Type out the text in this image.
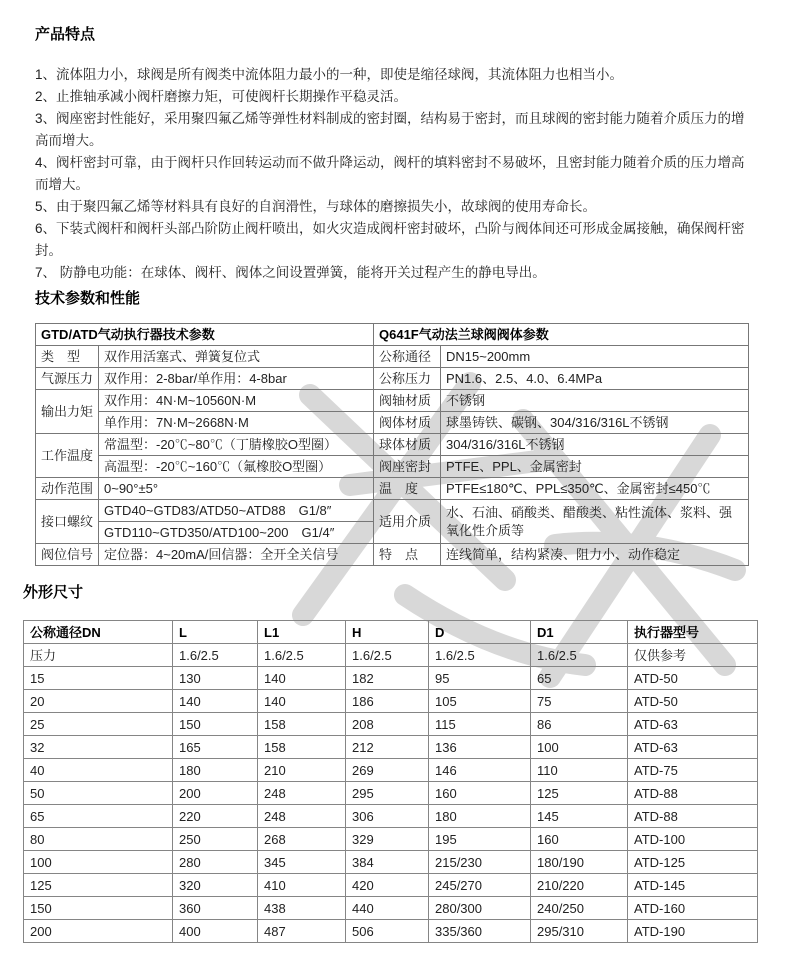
产品特点

1、流体阻力小，球阀是所有阀类中流体阻力最小的一种，即使是缩径球阀，其流体阻力也相当小。

2、止推轴承减小阀杆磨擦力矩，可使阀杆长期操作平稳灵活。

3、阀座密封性能好，采用聚四氟乙烯等弹性材料制成的密封圈，结构易于密封，而且球阀的密封能力随着介质压力的增高而增大。

4、阀杆密封可靠，由于阀杆只作回转运动而不做升降运动，阀杆的填料密封不易破坏，且密封能力随着介质的压力增高而增大。

5、由于聚四氟乙烯等材料具有良好的自润滑性，与球体的磨擦损失小，故球阀的使用寿命长。

6、下装式阀杆和阀杆头部凸阶防止阀杆喷出，如火灾造成阀杆密封破坏，凸阶与阀体间还可形成金属接触，确保阀杆密封。

7、 防静电功能：在球体、阀杆、阀体之间设置弹簧，能将开关过程产生的静电导出。

技术参数和性能
GTD/ATD气动执行器技术参数		Q641F气动法兰球阀阀体参数	
类　型	双作用活塞式、弹簧复位式	公称通径	DN15~200mm
气源压力	双作用：2-8bar/单作用：4-8bar	公称压力	PN1.6、2.5、4.0、6.4MPa
输出力矩	双作用：4N·M~10560N·M	阀轴材质	不锈钢
	单作用：7N·M~2668N·M	阀体材质	球墨铸铁、碳钢、304/316/316L不锈钢
工作温度	常温型：-20℃~80℃（丁腈橡胶O型圈）	球体材质	304/316/316L不锈钢
	高温型：-20℃~160℃（氟橡胶O型圈）	阀座密封	PTFE、PPL、金属密封
动作范围	0~90°±5°	温　度	PTFE≤180℃、PPL≤350℃、金属密封≤450℃
接口螺纹	GTD40~GTD83/ATD50~ATD88　G1/8″	适用介质	水、石油、硝酸类、醋酸类、粘性流体、浆料、强氧化性介质等
	GTD110~GTD350/ATD100~200　G1/4″		
阀位信号	定位器：4~20mA/回信器：全开全关信号	特　点	连线简单，结构紧凑、阻力小、动作稳定
外形尺寸
公称通径DN	L	L1	H	D	D1	执行器型号
压力	1.6/2.5	1.6/2.5	1.6/2.5	1.6/2.5	1.6/2.5	仅供参考
15	130	140	182	95	65	ATD-50
20	140	140	186	105	75	ATD-50
25	150	158	208	115	86	ATD-63
32	165	158	212	136	100	ATD-63
40	180	210	269	146	110	ATD-75
50	200	248	295	160	125	ATD-88
65	220	248	306	180	145	ATD-88
80	250	268	329	195	160	ATD-100
100	280	345	384	215/230	180/190	ATD-125
125	320	410	420	245/270	210/220	ATD-145
150	360	438	440	280/300	240/250	ATD-160
200	400	487	506	335/360	295/310	ATD-190
